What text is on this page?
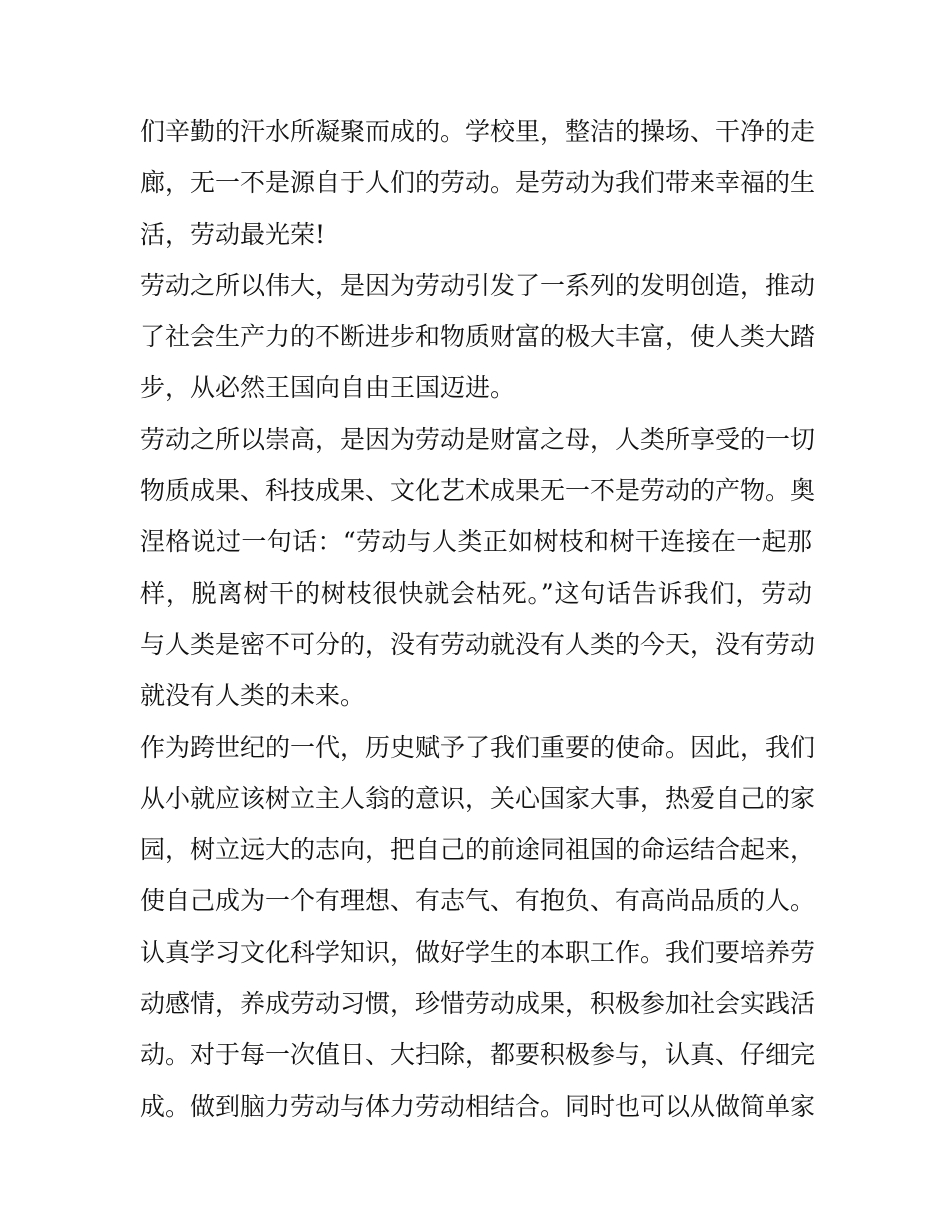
们辛勤的汗水所凝聚而成的。学校里，整洁的操场、干净的走
廊，无一不是源自于人们的劳动。是劳动为我们带来幸福的生
活，劳动最光荣!
劳动之所以伟大，是因为劳动引发了一系列的发明创造，推动
了社会生产力的不断进步和物质财富的极大丰富，使人类大踏
步，从必然王国向自由王国迈进。
劳动之所以崇高，是因为劳动是财富之母，人类所享受的一切
物质成果、科技成果、文化艺术成果无一不是劳动的产物。奥
涅格说过一句话：“劳动与人类正如树枝和树干连接在一起那
样，脱离树干的树枝很快就会枯死。”这句话告诉我们，劳动
与人类是密不可分的，没有劳动就没有人类的今天，没有劳动
就没有人类的未来。
作为跨世纪的一代，历史赋予了我们重要的使命。因此，我们
从小就应该树立主人翁的意识，关心国家大事，热爱自己的家
园，树立远大的志向，把自己的前途同祖国的命运结合起来，
使自己成为一个有理想、有志气、有抱负、有高尚品质的人。
认真学习文化科学知识，做好学生的本职工作。我们要培养劳
动感情，养成劳动习惯，珍惜劳动成果，积极参加社会实践活
动。对于每一次值日、大扫除，都要积极参与，认真、仔细完
成。做到脑力劳动与体力劳动相结合。同时也可以从做简单家
